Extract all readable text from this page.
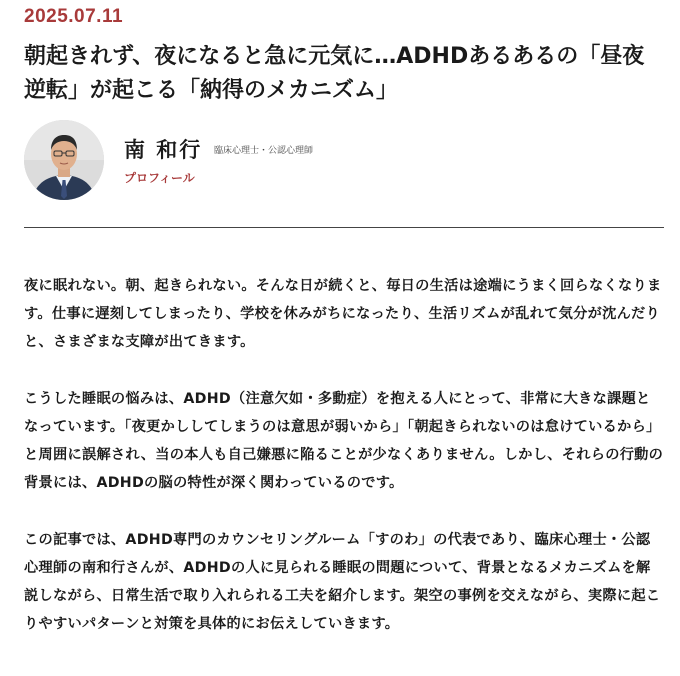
2025.07.11
朝起きれず、夜になると急に元気に…ADHDあるあるの「昼夜逆転」が起こる「納得のメカニズム」
南 和行 臨床心理士・公認心理師
プロフィール

夜に眠れない。朝、起きられない。そんな日が続くと、毎日の生活は途端にうまく回らなくなります。仕事に遅刻してしまったり、学校を休みがちになったり、生活リズムが乱れて気分が沈んだりと、さまざまな支障が出てきます。

こうした睡眠の悩みは、ADHD（注意欠如・多動症）を抱える人にとって、非常に大きな課題となっています。「夜更かししてしまうのは意思が弱いから」「朝起きられないのは怠けているから」と周囲に誤解され、当の本人も自己嫌悪に陥ることが少なくありません。しかし、それらの行動の背景には、ADHDの脳の特性が深く関わっているのです。

この記事では、ADHD専門のカウンセリングルーム「すのわ」の代表であり、臨床心理士・公認心理師の南和行さんが、ADHDの人に見られる睡眠の問題について、背景となるメカニズムを解説しながら、日常生活で取り入れられる工夫を紹介します。架空の事例を交えながら、実際に起こりやすいパターンと対策を具体的にお伝えしていきます。
